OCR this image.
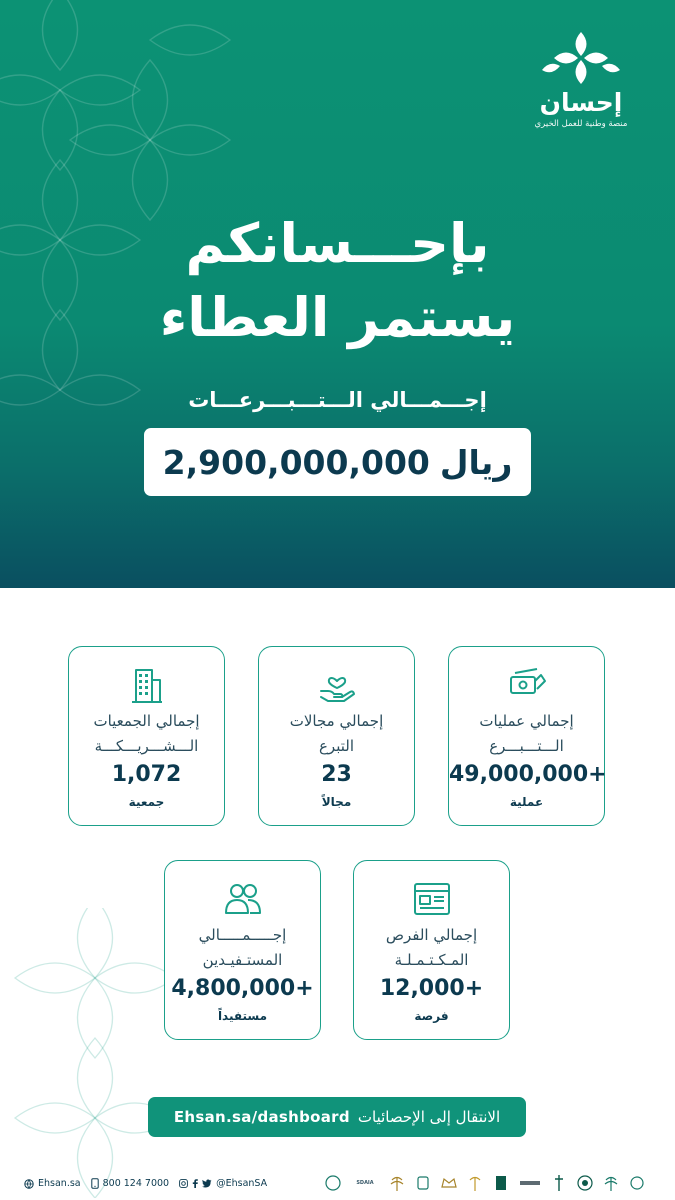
إحسان
منصة وطنية للعمل الخيري
بإحـــسانكم
يستمر العطاء
إجـــمـــالي الـــتـــبـــرعـــات
2,900,000,000 ريال
إجمالي عمليات
الـــتـــبـــرع
49,000,000+
عملية
إجمالي مجالات
التبرع
23
مجالاً
إجمالي الجمعيات
الـــشـــريـــكـــة
1,072
جمعية
إجمالي الفرص
المـكـتـمـلـة
12,000+
فرصة
إجـــــمـــــالي
المستـفيـدين
4,800,000+
مستفيداً
Ehsan.sa/dashboard الانتقال إلى الإحصائيات
Ehsan.sa 800 124 7000	@EhsanSA	SDAIA
